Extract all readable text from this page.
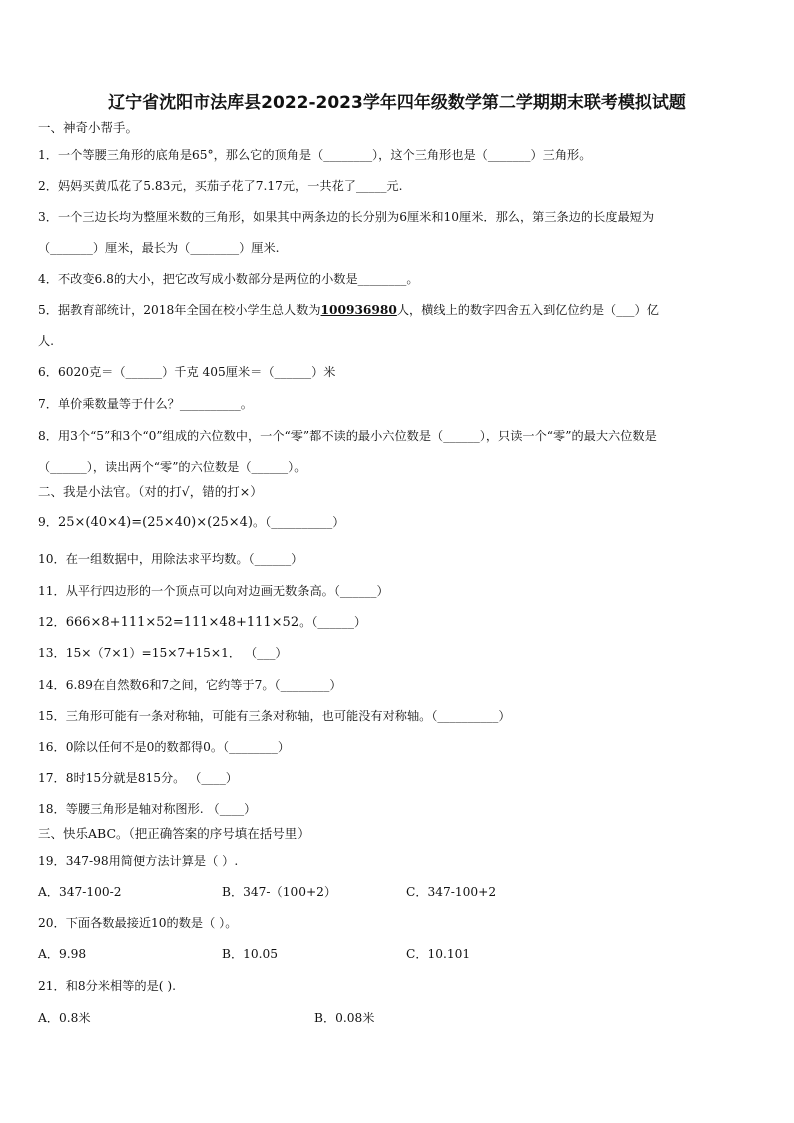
辽宁省沈阳市法库县2022-2023学年四年级数学第二学期期末联考模拟试题
一、神奇小帮手。
1．一个等腰三角形的底角是65°，那么它的顶角是（________），这个三角形也是（_______）三角形。
2．妈妈买黄瓜花了5.83元，买茄子花了7.17元，一共花了_____元.
3．一个三边长均为整厘米数的三角形，如果其中两条边的长分别为6厘米和10厘米．那么，第三条边的长度最短为
（_______）厘米，最长为（________）厘米.
4．不改变6.8的大小，把它改写成小数部分是两位的小数是________。
5．据教育部统计，2018年全国在校小学生总人数为100936980人，横线上的数字四舍五入到亿位约是（___）亿
人.
6．6020克＝（______）千克 405厘米＝（______）米
7．单价乘数量等于什么？__________。
8．用3个“5”和3个“0”组成的六位数中，一个“零”都不读的最小六位数是（______），只读一个“零”的最大六位数是
（______），读出两个“零”的六位数是（______）。
二、我是小法官。（对的打√，错的打×）
9．25×(40×4)=(25×40)×(25×4)。（__________）
10．在一组数据中，用除法求平均数。（______）
11．从平行四边形的一个顶点可以向对边画无数条高。（______）
12．666×8+111×52=111×48+111×52。（______）
13．15×（7×1）=15×7+15×1． （___）
14．6.89在自然数6和7之间，它约等于7。（________）
15．三角形可能有一条对称轴，可能有三条对称轴，也可能没有对称轴。（__________）
16．0除以任何不是0的数都得0。（________）
17．8时15分就是815分。 （____）
18．等腰三角形是轴对称图形. （____）
三、快乐ABC。（把正确答案的序号填在括号里）
19．347-98用简便方法计算是（ ）.
A．347-100-2	B．347-（100+2）	C．347-100+2
20．下面各数最接近10的数是（ ）。
A．9.98	B．10.05	C．10.101
21．和8分米相等的是( ).
A．0.8米	B．0.08米
